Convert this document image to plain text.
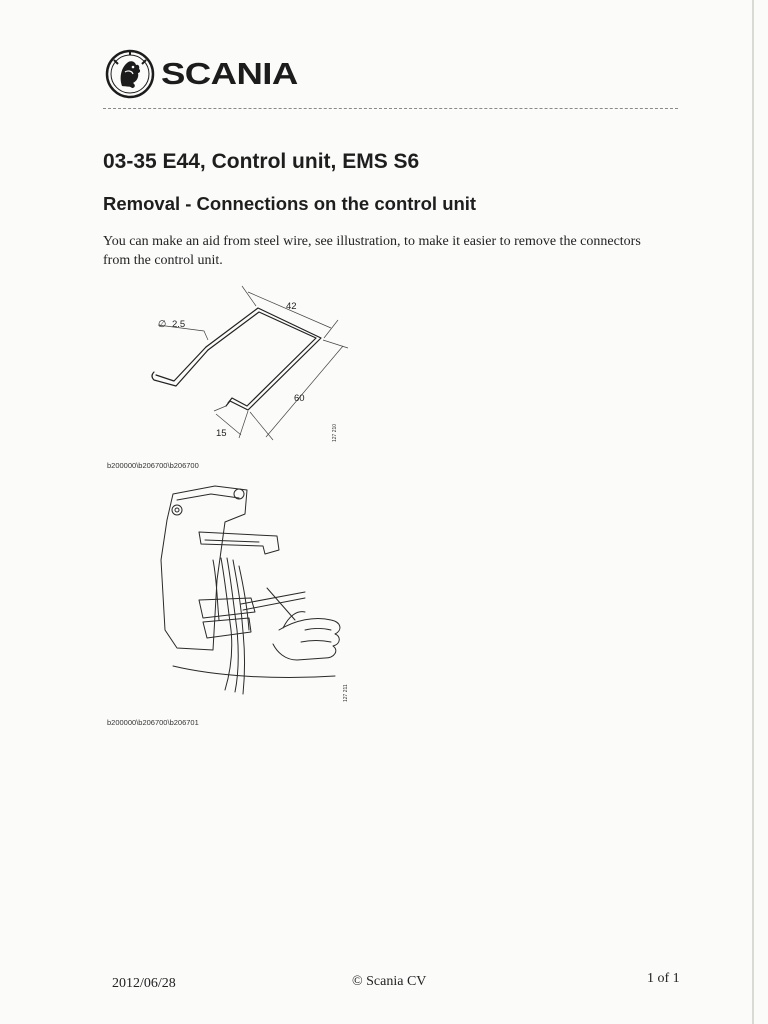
SCANIA
03-35 E44, Control unit, EMS S6
Removal - Connections on the control unit

You can make an aid from steel wire, see illustration, to make it easier to remove the connectors from the control unit.

∅ 2.5
42
60
15	127 210
b200000\b206700\b206700
127 211
b200000\b206700\b206701
2012/06/28	© Scania CV	1 of 1
